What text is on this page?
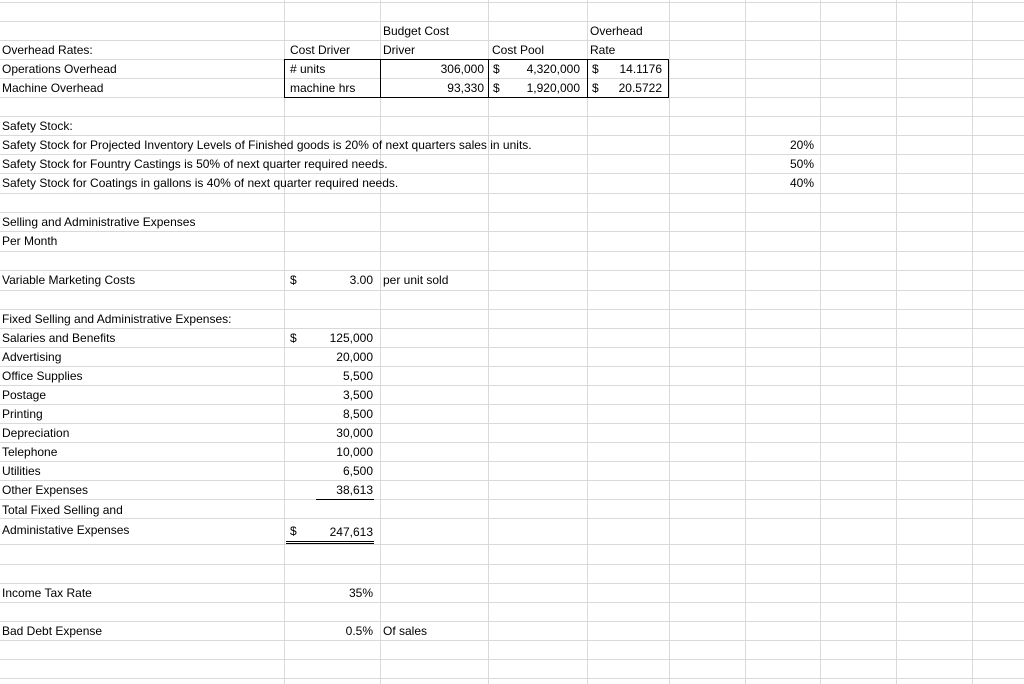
Budget Cost	Overhead
Overhead Rates:	Cost Driver	Driver	Cost Pool	Rate
Operations Overhead	# units	306,000 $	4,320,000 $	14.1176
Machine Overhead	machine hrs	93,330 $	1,920,000 $	20.5722
Safety Stock:
Safety Stock for Projected Inventory Levels of Finished goods is 20% of next quarters sales in units.	20%
Safety Stock for Fountry Castings is 50% of next quarter required needs.	50%
Safety Stock for Coatings in gallons is 40% of next quarter required needs.	40%
Selling and Administrative Expenses
Per Month
Variable Marketing Costs	$	3.00 per unit sold
Fixed Selling and Administrative Expenses:
Salaries and Benefits	$	125,000
Advertising	20,000
Office Supplies	5,500
Postage	3,500
Printing	8,500
Depreciation	30,000
Telephone	10,000
Utilities	6,500
Other Expenses	38,613
Total Fixed Selling and
Administative Expenses	$	247,613
Income Tax Rate	35%
Bad Debt Expense	0.5% Of sales
